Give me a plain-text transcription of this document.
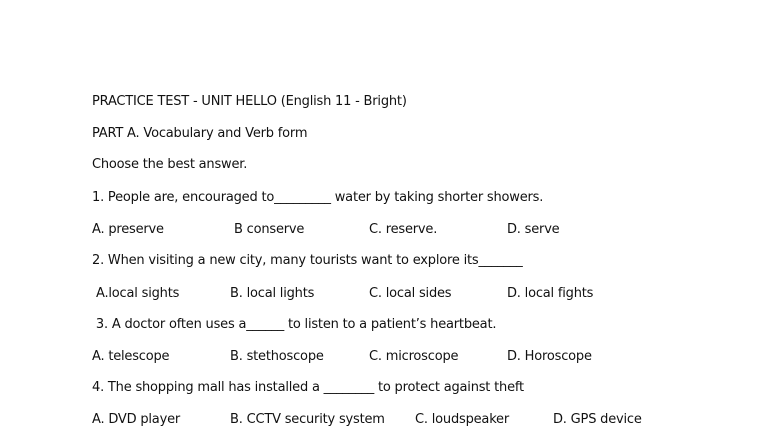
PRACTICE TEST - UNIT HELLO (English 11 - Bright)
PART A. Vocabulary and Verb form
Choose the best answer.
1. People are, encouraged to_________ water by taking shorter showers.
A. preserve	B conserve	C. reserve.	D. serve
2. When visiting a new city, many tourists want to explore its_______
A.local sights	B. local lights	C. local sides	D. local fights
3. A doctor often uses a______ to listen to a patient’s heartbeat.
A. telescope	B. stethoscope	C. microscope	D. Horoscope
4. The shopping mall has installed a ________ to protect against theft
A. DVD player	B. CCTV security system C. loudspeaker	D. GPS device
